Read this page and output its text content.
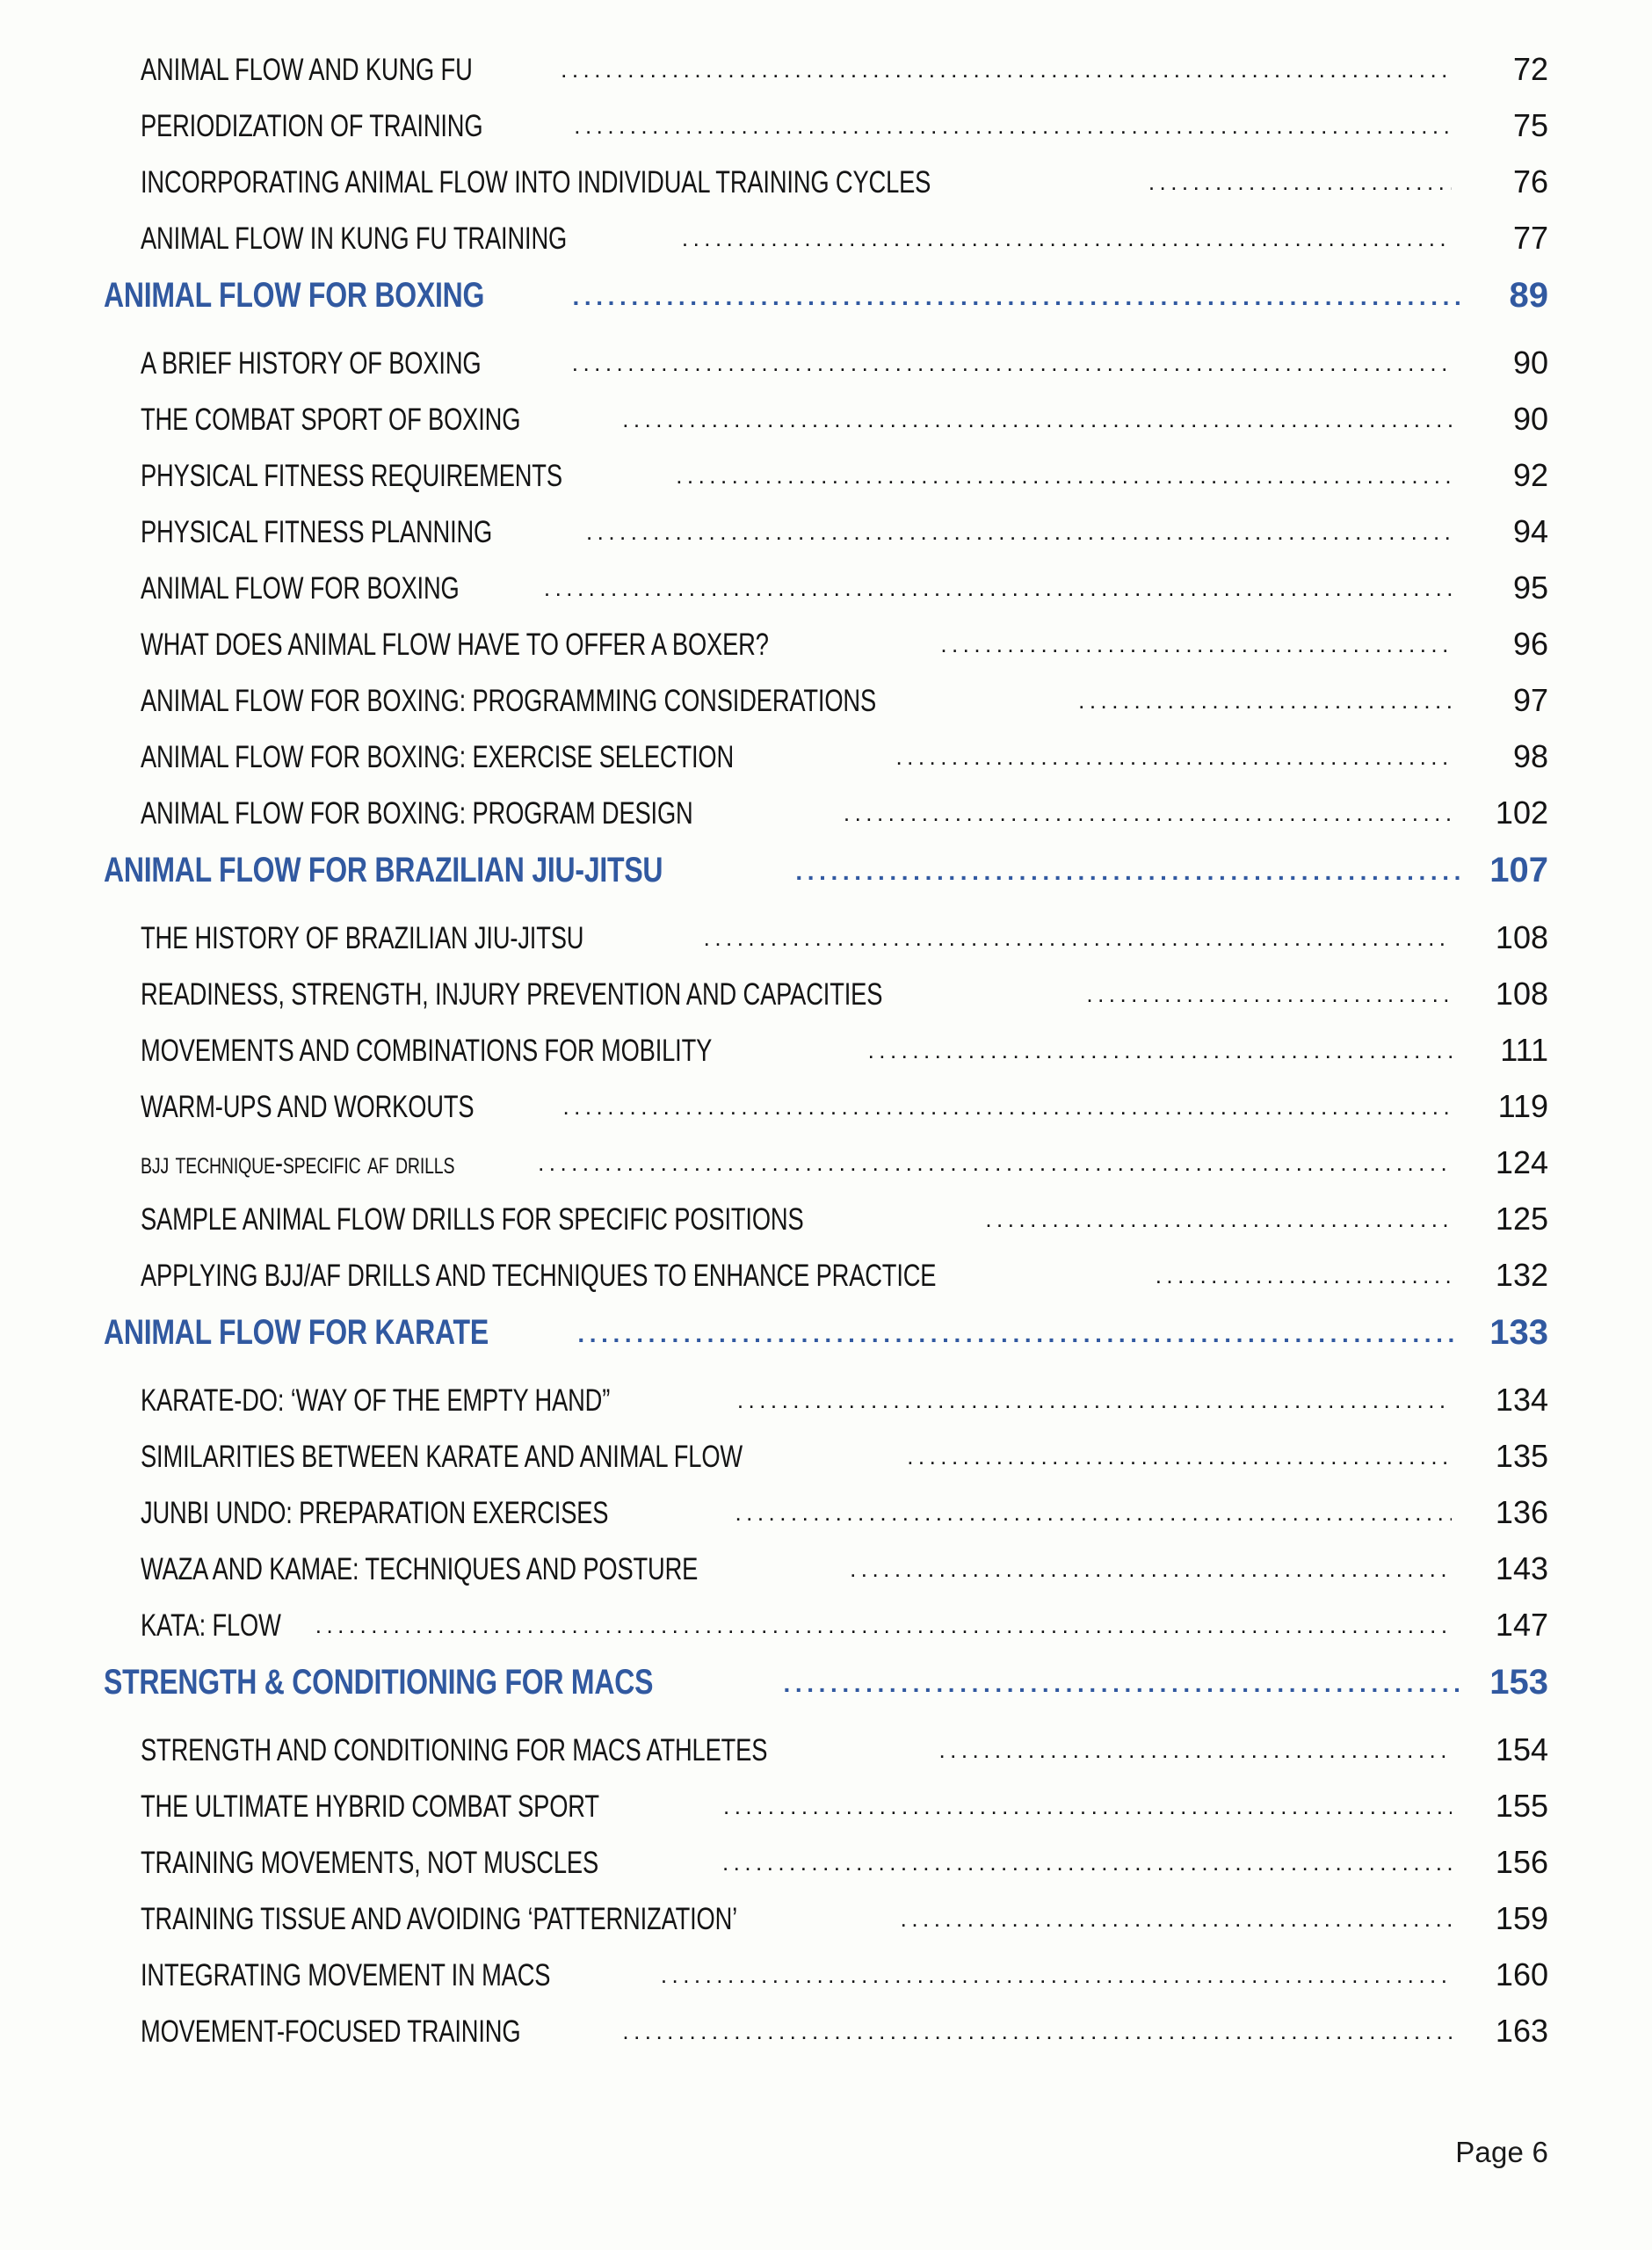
ANIMAL FLOW AND KUNG FU .....	72
PERIODIZATION OF TRAINING .....	75
INCORPORATING ANIMAL FLOW INTO INDIVIDUAL TRAINING CYCLES .....	76
ANIMAL FLOW IN KUNG FU TRAINING .....	77
ANIMAL FLOW FOR BOXING .....	89
A BRIEF HISTORY OF BOXING .....	90
THE COMBAT SPORT OF BOXING .....	90
PHYSICAL FITNESS REQUIREMENTS .....	92
PHYSICAL FITNESS PLANNING .....	94
ANIMAL FLOW FOR BOXING .....	95
WHAT DOES ANIMAL FLOW HAVE TO OFFER A BOXER? .....	96
ANIMAL FLOW FOR BOXING: PROGRAMMING CONSIDERATIONS .....	97
ANIMAL FLOW FOR BOXING: EXERCISE SELECTION .....	98
ANIMAL FLOW FOR BOXING: PROGRAM DESIGN .....	102
ANIMAL FLOW FOR BRAZILIAN JIU-JITSU .....	107
THE HISTORY OF BRAZILIAN JIU-JITSU .....	108
READINESS, STRENGTH, INJURY PREVENTION AND CAPACITIES .....	108
MOVEMENTS AND COMBINATIONS FOR MOBILITY .....	111
WARM-UPS AND WORKOUTS .....	119
bjj technique-specific af drills .....	124
SAMPLE ANIMAL FLOW DRILLS FOR SPECIFIC POSITIONS .....	125
APPLYING BJJ/AF DRILLS AND TECHNIQUES TO ENHANCE PRACTICE .....	132
ANIMAL FLOW FOR KARATE .....	133
KARATE-DO: ‘WAY OF THE EMPTY HAND” .....	134
SIMILARITIES BETWEEN KARATE AND ANIMAL FLOW .....	135
JUNBI UNDO: PREPARATION EXERCISES .....	136
WAZA AND KAMAE: TECHNIQUES AND POSTURE .....	143
KATA: FLOW .....	147
STRENGTH & CONDITIONING FOR MACS .....	153
STRENGTH AND CONDITIONING FOR MACS ATHLETES .....	154
THE ULTIMATE HYBRID COMBAT SPORT .....	155
TRAINING MOVEMENTS, NOT MUSCLES .....	156
TRAINING TISSUE AND AVOIDING ‘PATTERNIZATION’ .....	159
INTEGRATING MOVEMENT IN MACS .....	160
MOVEMENT-FOCUSED TRAINING .....	163
Page 6
